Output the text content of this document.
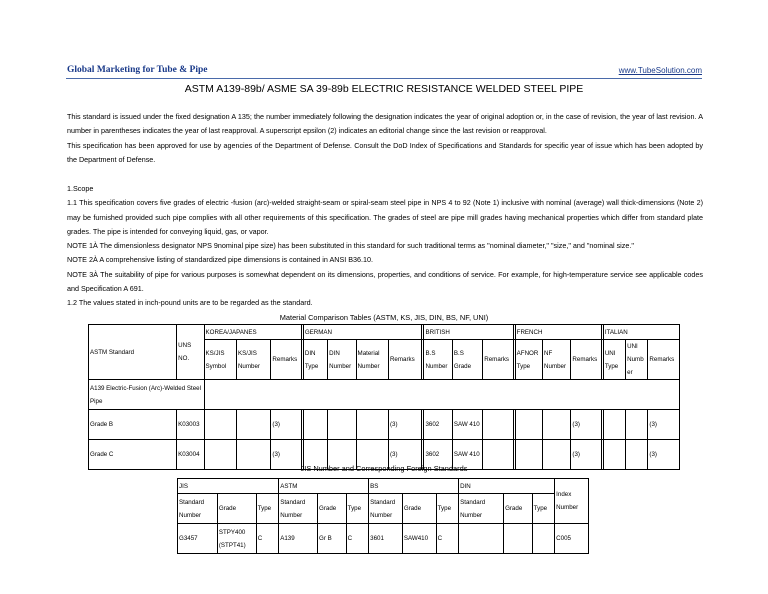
Global Marketing for Tube & Pipe	www.TubeSolution.com
ASTM A139-89b/ ASME SA 39-89b ELECTRIC RESISTANCE WELDED STEEL PIPE

This standard is issued under the fixed designation A 135; the number immediately following the designation indicates the year of original adoption or, in the case of revision, the year of last revision. A number in parentheses indicates the year of last reapproval. A superscript epsilon (2) indicates an editorial change since the last revision or reapproval.

This specification has been approved for use by agencies of the Department of Defense. Consult the DoD Index of Specifications and Standards for specific year of issue which has been adopted by the Department of Defense.

1.Scope

1.1 This specification covers five grades of electric -fusion (arc)-welded straight-seam or spiral-seam steel pipe in NPS 4 to 92 (Note 1) inclusive with nominal (average) wall thick-dimensions (Note 2) may be furnished provided such pipe complies with all other requirements of this specification. The grades of steel are pipe mill grades having mechanical properties which differ from standard plate grades. The pipe is intended for conveying liquid, gas, or vapor.

NOTE 1À The dimensionless designator NPS 9nominal pipe size) has been substituted in this standard for such traditional terms as "nominal diameter," "size," and "nominal size."

NOTE 2À A comprehensive listing of standardized pipe dimensions is contained in ANSI B36.10.

NOTE 3À The suitability of pipe for various purposes is somewhat dependent on its dimensions, properties, and conditions of service. For example, for high-temperature service see applicable codes and Specification A 691.

1.2 The values stated in inch-pound units are to be regarded as the standard.

Material Comparison Tables (ASTM, KS, JIS, DIN, BS, NF, UNI)
ASTM Standard	UNS NO.	KOREA/JAPANES				GERMAN					BRITISH				FRENCH				ITALIAN		
		KS/JIS Symbol	KS/JIS Number	Remarks		DIN Type	DIN Number	Material Number	Remarks		B.S Number	B.S Grade	Remarks		AFNOR Type	NF Number	Remarks		UNI Type	UNI Number	Remarks
A139 Electric-Fusion (Arc)-Welded Steel Pipe																					
Grade B	K03003			(3)					(3)		3602	SAW 410					(3)				(3)
Grade C	K03004			(3)					(3)		3602	SAW 410					(3)				(3)
JIS Number and Corresponding Foreign Standards
JIS			ASTM			BS			DIN			Index Number
Standard Number	Grade	Type	Standard Number	Grade	Type	Standard Number	Grade	Type	Standard Number	Grade	Type	
G3457	STPY400 (STPT41)	C	A139	Gr B	C	3601	SAW410	C				C005
